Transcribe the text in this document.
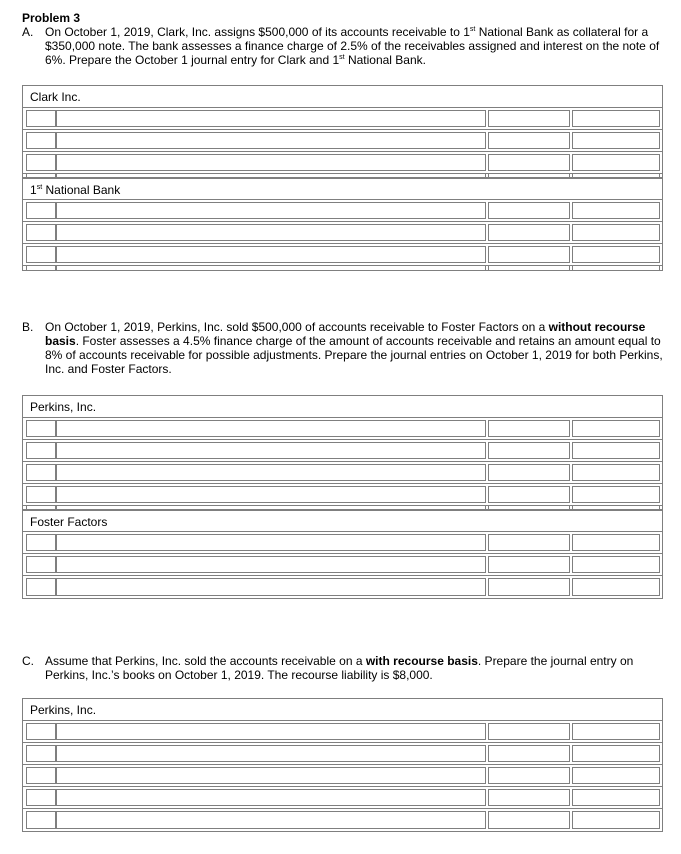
Problem 3
A. On October 1, 2019, Clark, Inc. assigns $500,000 of its accounts receivable to 1st National Bank as collateral for a $350,000 note. The bank assesses a finance charge of 2.5% of the receivables assigned and interest on the note of 6%. Prepare the October 1 journal entry for Clark and 1st National Bank.
Clark Inc.
1st National Bank
B. On October 1, 2019, Perkins, Inc. sold $500,000 of accounts receivable to Foster Factors on a without recourse basis. Foster assesses a 4.5% finance charge of the amount of accounts receivable and retains an amount equal to 8% of accounts receivable for possible adjustments. Prepare the journal entries on October 1, 2019 for both Perkins, Inc. and Foster Factors.
Perkins, Inc.
Foster Factors
C. Assume that Perkins, Inc. sold the accounts receivable on a with recourse basis. Prepare the journal entry on Perkins, Inc.’s books on October 1, 2019. The recourse liability is $8,000.
Perkins, Inc.
